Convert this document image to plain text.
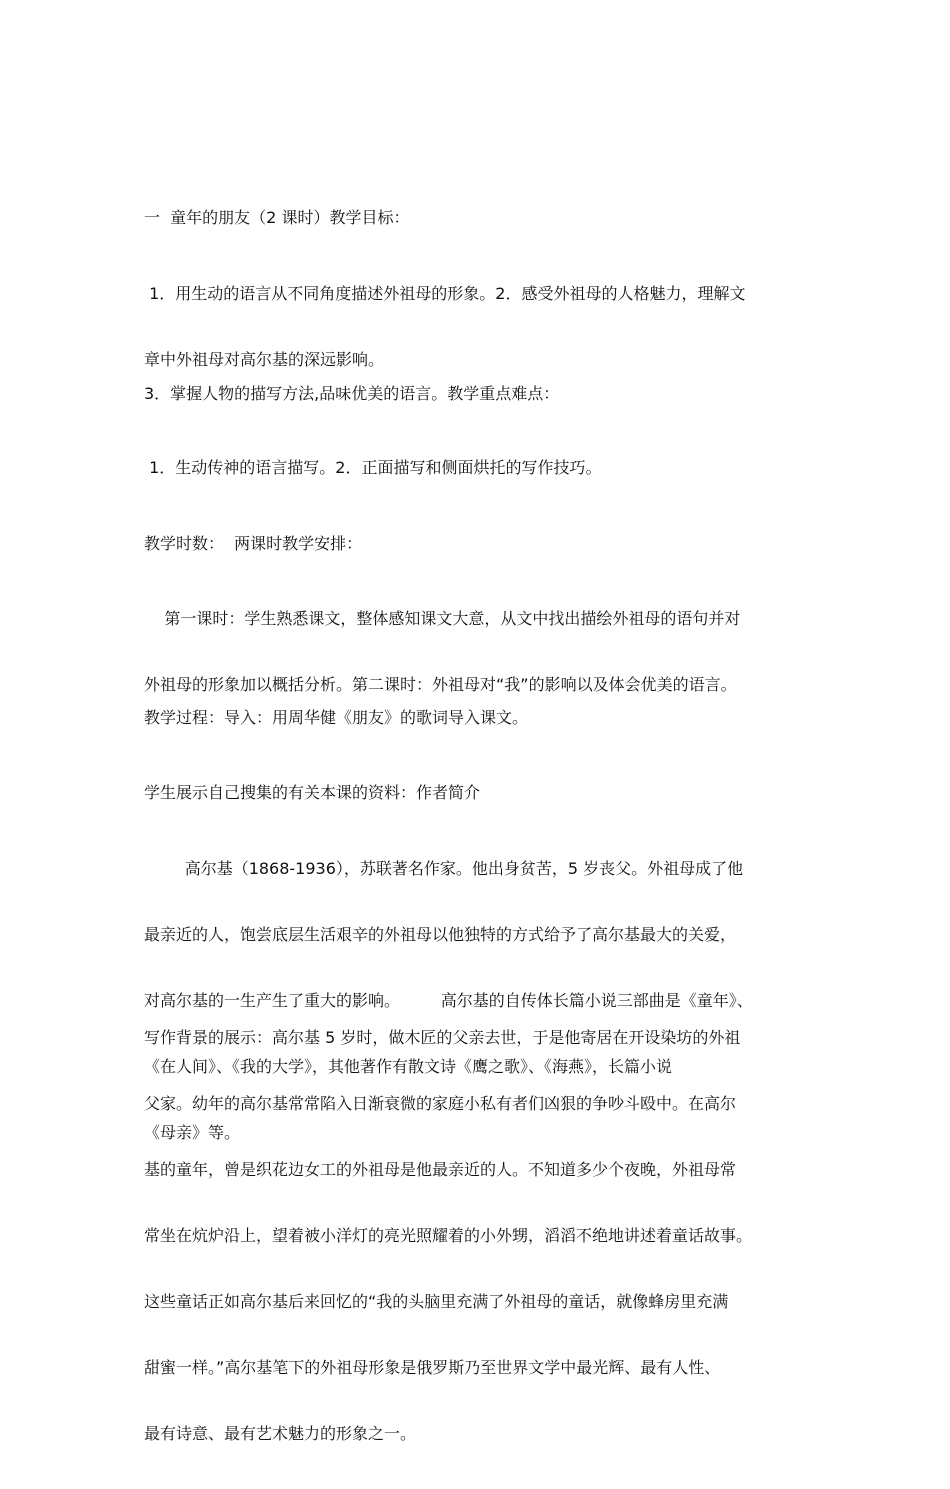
一  童年的朋友（2 课时）教学目标：

1．用生动的语言从不同角度描述外祖母的形象。2．感受外祖母的人格魅力，理解文

章中外祖母对高尔基的深远影响。

3．掌握人物的描写方法,品味优美的语言。教学重点难点：

1．生动传神的语言描写。2．正面描写和侧面烘托的写作技巧。

教学时数：  两课时教学安排：

第一课时：学生熟悉课文，整体感知课文大意，从文中找出描绘外祖母的语句并对

外祖母的形象加以概括分析。第二课时：外祖母对“我”的影响以及体会优美的语言。

教学过程：导入：用周华健《朋友》的歌词导入课文。

学生展示自己搜集的有关本课的资料：作者简介

高尔基（1868-1936），苏联著名作家。他出身贫苦，5 岁丧父。外祖母成了他

最亲近的人，饱尝底层生活艰辛的外祖母以他独特的方式给予了高尔基最大的关爱，

对高尔基的一生产生了重大的影响。        高尔基的自传体长篇小说三部曲是《童年》、

《在人间》、《我的大学》，其他著作有散文诗《鹰之歌》、《海燕》，长篇小说

《母亲》等。

写作背景的展示：高尔基 5 岁时，做木匠的父亲去世，于是他寄居在开设染坊的外祖

父家。幼年的高尔基常常陷入日渐衰微的家庭小私有者们凶狠的争吵斗殴中。在高尔

基的童年，曾是织花边女工的外祖母是他最亲近的人。不知道多少个夜晚，外祖母常

常坐在炕炉沿上，望着被小洋灯的亮光照耀着的小外甥，滔滔不绝地讲述着童话故事。

这些童话正如高尔基后来回忆的“我的头脑里充满了外祖母的童话，就像蜂房里充满

甜蜜一样。”高尔基笔下的外祖母形象是俄罗斯乃至世界文学中最光辉、最有人性、

最有诗意、最有艺术魅力的形象之一。
